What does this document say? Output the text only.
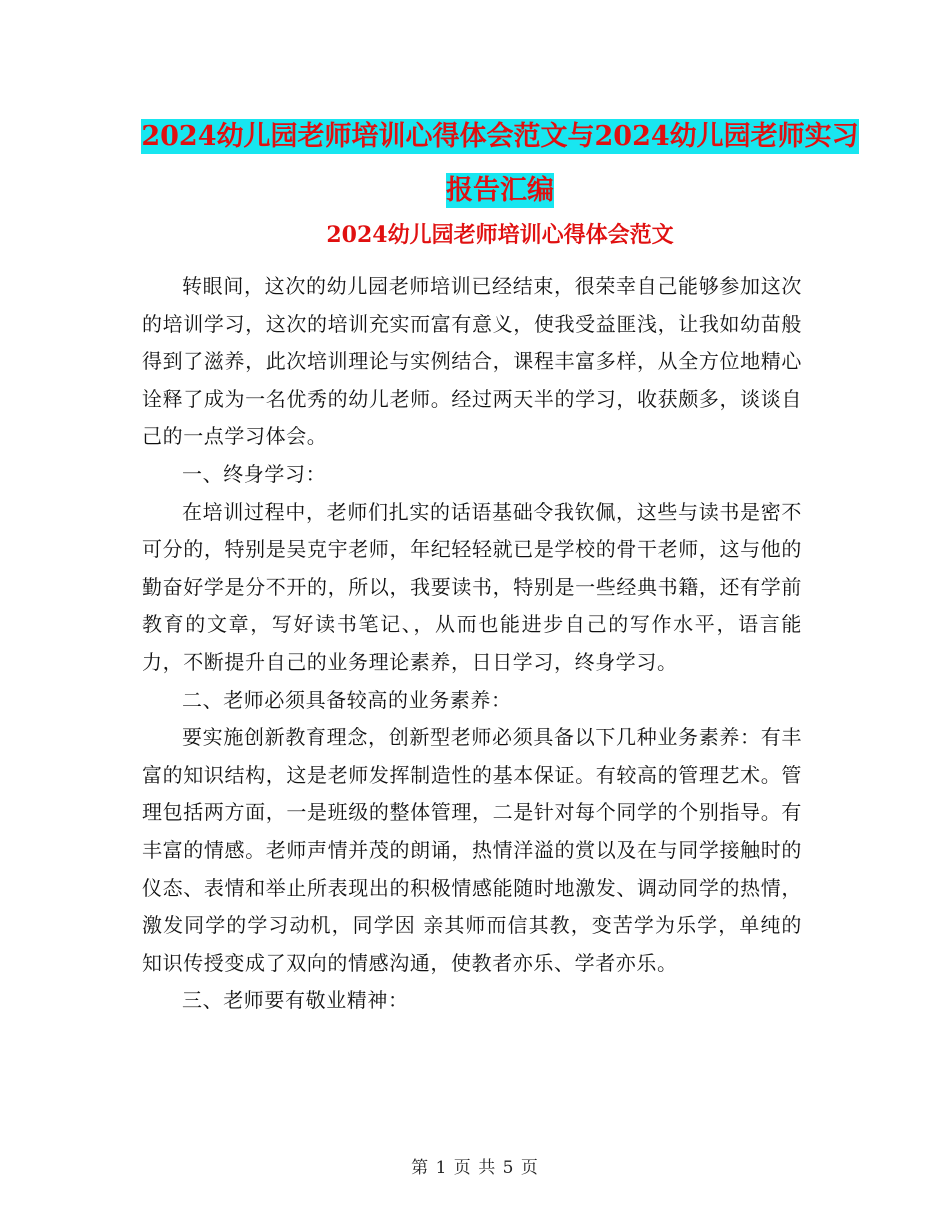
2024幼儿园老师培训心得体会范文与2024幼儿园老师实习报告汇编
2024幼儿园老师培训心得体会范文

转眼间，这次的幼儿园老师培训已经结束，很荣幸自己能够参加这次的培训学习，这次的培训充实而富有意义，使我受益匪浅，让我如幼苗般得到了滋养，此次培训理论与实例结合，课程丰富多样，从全方位地精心诠释了成为一名优秀的幼儿老师。经过两天半的学习，收获颇多，谈谈自己的一点学习体会。

一、终身学习：

在培训过程中，老师们扎实的话语基础令我钦佩，这些与读书是密不可分的，特别是吴克宇老师，年纪轻轻就已是学校的骨干老师，这与他的勤奋好学是分不开的，所以，我要读书，特别是一些经典书籍，还有学前教育的文章，写好读书笔记、，从而也能进步自己的写作水平，语言能力，不断提升自己的业务理论素养，日日学习，终身学习。

二、老师必须具备较高的业务素养：

要实施创新教育理念，创新型老师必须具备以下几种业务素养：有丰富的知识结构，这是老师发挥制造性的基本保证。有较高的管理艺术。管理包括两方面，一是班级的整体管理，二是针对每个同学的个别指导。有丰富的情感。老师声情并茂的朗诵，热情洋溢的赏以及在与同学接触时的仪态、表情和举止所表现出的积极情感能随时地激发、调动同学的热情，激发同学的学习动机，同学因 亲其师而信其教，变苦学为乐学，单纯的知识传授变成了双向的情感沟通，使教者亦乐、学者亦乐。

三、老师要有敬业精神：

第 1 页 共 5 页
